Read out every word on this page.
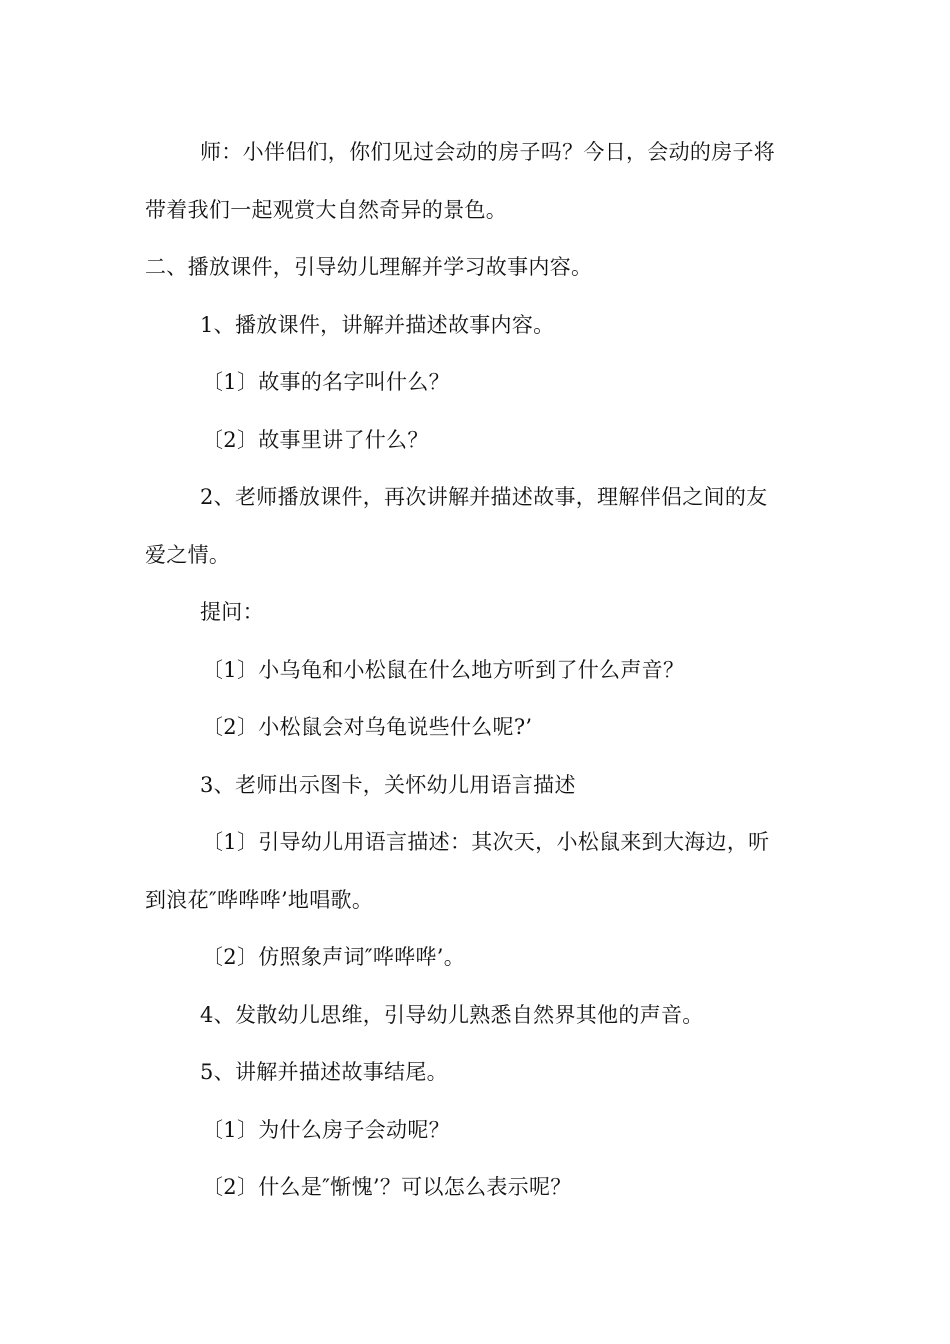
师：小伴侣们，你们见过会动的房子吗？今日，会动的房子将

带着我们一起观赏大自然奇异的景色。

二、播放课件，引导幼儿理解并学习故事内容。

1、播放课件，讲解并描述故事内容。

〔1〕故事的名字叫什么？

〔2〕故事里讲了什么？

2、老师播放课件，再次讲解并描述故事，理解伴侣之间的友

爱之情。

提问：

〔1〕小乌龟和小松鼠在什么地方听到了什么声音？

〔2〕小松鼠会对乌龟说些什么呢?’

3、老师出示图卡，关怀幼儿用语言描述

〔1〕引导幼儿用语言描述：其次天，小松鼠来到大海边，听

到浪花″哗哗哗’地唱歌。

〔2〕仿照象声词″哗哗哗’。

4、发散幼儿思维，引导幼儿熟悉自然界其他的声音。

5、讲解并描述故事结尾。

〔1〕为什么房子会动呢？

〔2〕什么是″惭愧’？可以怎么表示呢？
